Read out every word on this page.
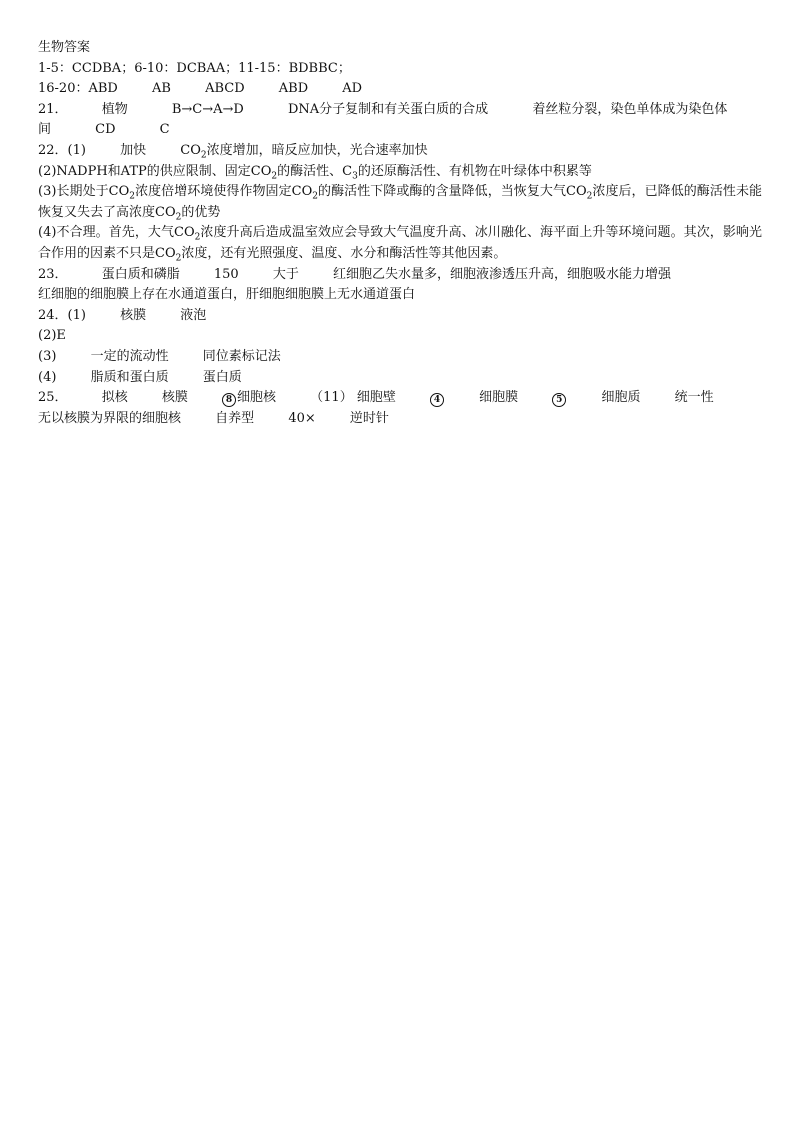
生物答案
1-5：CCDBA；6-10：DCBAA；11-15：BDBBC；
16-20：ABD	AB	ABCD	ABD	AD
21．	植物	B→C→A→D	DNA分子复制和有关蛋白质的合成	着丝粒分裂，染色单体成为染色体
间	CD	C
22．(1)	加快	$CO_2$浓度增加，暗反应加快，光合速率加快
(2)NADPH和ATP的供应限制、固定$CO_2$的酶活性、$C_3$的还原酶活性、有机物在叶绿体中积累等
(3)长期处于$CO_2$浓度倍增环境使得作物固定$CO_2$的酶活性下降或酶的含量降低，当恢复大气$CO_2$浓度后，已降低的酶活性未能恢复又失去了高浓度$CO_2$的优势
(4)不合理。首先，大气$CO_2$浓度升高后造成温室效应会导致大气温度升高、冰川融化、海平面上升等环境问题。其次，影响光合作用的因素不只是$CO_2$浓度，还有光照强度、温度、水分和酶活性等其他因素。
23．	蛋白质和磷脂	150	大于	红细胞乙失水量多，细胞液渗透压升高，细胞吸水能力增强
红细胞的细胞膜上存在水通道蛋白，肝细胞细胞膜上无水通道蛋白
24．(1)	核膜	液泡
(2)E
(3)	一定的流动性	同位素标记法
(4)	脂质和蛋白质	蛋白质
25．	拟核	核膜	8 细胞核	（11） 细胞壁	4	细胞膜	5	细胞质	统一性
无以核膜为界限的细胞核	自养型	40×	逆时针
